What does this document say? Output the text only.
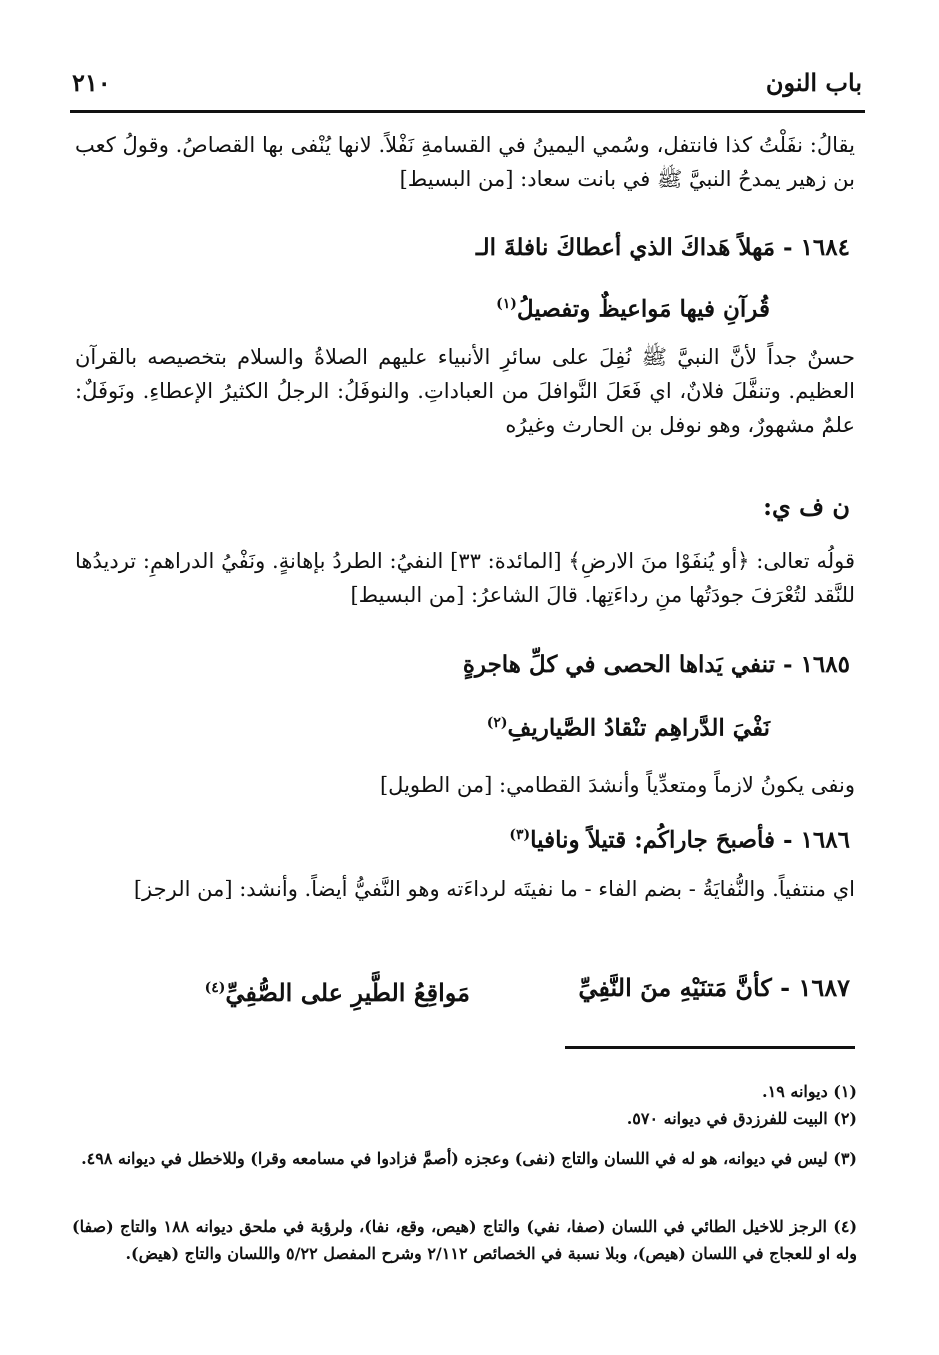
باب النون
٢١٠
يقالُ: نفَلْتُ كذا فانتفل، وسُمي اليمينُ في القسامةِ نَفْلاً. لانها يُنْفى بها القصاصُ. وقولُ كعب بن زهير يمدحُ النبيَّ ﷺ في بانت سعاد: [من البسيط]
١٦٨٤ - مَهلاً هَداكَ الذي أعطاكَ نافلةَ الـ
قُرآنِ فيها مَواعيظٌ وتفصيلُ$^{(١)}$
حسنٌ جداً لأنَّ النبيَّ ﷺ نُفِلَ على سائرِ الأنبياء عليهم الصلاةُ والسلام بتخصيصه بالقرآن العظيم. وتنفَّلَ فلانٌ، اي فَعَلَ النَّوافلَ من العباداتِ. والنوفَلُ: الرجلُ الكثيرُ الإعطاءِ. ونَوفَلٌ: علمٌ مشهورٌ، وهو نوفل بن الحارث وغيرُه
ن ف ي:
قولُه تعالى: ﴿أو يُنفَوْا منَ الارضِ﴾ [المائدة: ٣٣] النفيُ: الطردُ بإهانةٍ. ونَفْيُ الدراهمِ: ترديدُها للنَّقد لتُعْرَفَ جودَتُها منِ رداءَتِها. قالَ الشاعرُ: [من البسيط]
١٦٨٥ - تنفي يَداها الحصى في كلِّ هاجرةٍ
نَفْيَ الدَّراهِم تنْقادُ الصَّياريفِ$^{(٢)}$
ونفى يكونُ لازماً ومتعدِّياً وأنشدَ القطامي: [من الطويل]
١٦٨٦ - فأصبحَ جاراكُم: قتيلاً ونافيا$^{(٣)}$
اي منتفياً. والنُّفايَةُ - بضم الفاء - ما نفيتَه لرداءَته وهو النَّفيُّ أيضاً. وأنشد: [من الرجز]
١٦٨٧ - كأنَّ مَتنَيْهِ منَ النَّفِيِّ
مَواقِعُ الطَّيرِ على الصُّفِيِّ$^{(٤)}$
(١) ديوانه ١٩.
(٢) البيت للفرزدق في ديوانه ٥٧٠.
(٣) ليس في ديوانه، هو له في اللسان والتاج (نفى) وعجزه (أصمَّ فزادوا في مسامعه وقرا) وللاخطل في ديوانه ٤٩٨.
(٤) الرجز للاخيل الطائي في اللسان (صفا، نفي) والتاج (هيص، وقع، نفا)، ولرؤبة في ملحق ديوانه ١٨٨ والتاج (صفا) وله او للعجاج في اللسان (هيص)، وبلا نسبة في الخصائص ٢/١١٢ وشرح المفصل ٥/٢٢ واللسان والتاج (هيض).
